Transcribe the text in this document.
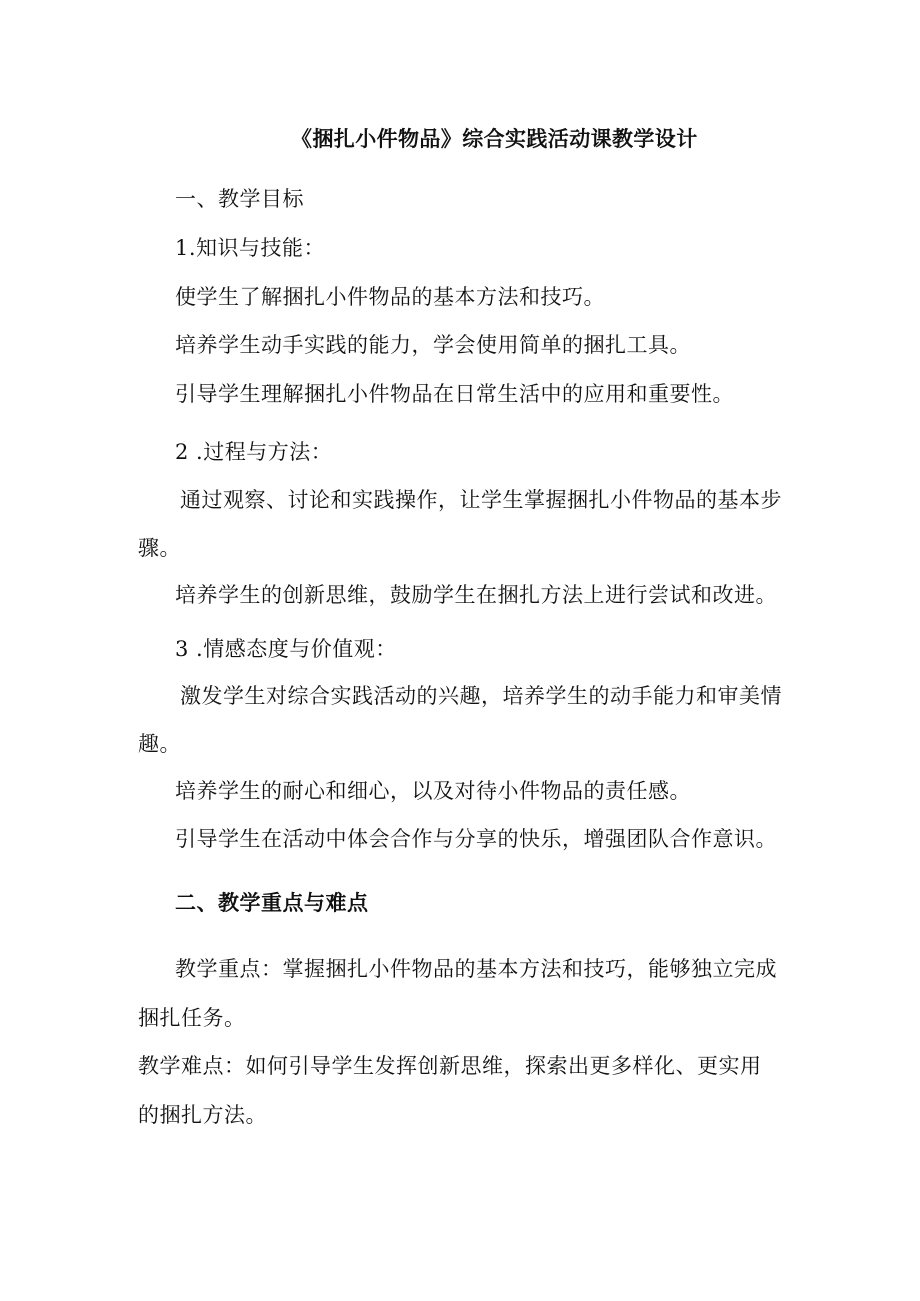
《捆扎小件物品》综合实践活动课教学设计

一、教学目标

1.知识与技能：

使学生了解捆扎小件物品的基本方法和技巧。

培养学生动手实践的能力，学会使用简单的捆扎工具。

引导学生理解捆扎小件物品在日常生活中的应用和重要性。

2 .过程与方法：

通过观察、讨论和实践操作，让学生掌握捆扎小件物品的基本步

骤。

培养学生的创新思维，鼓励学生在捆扎方法上进行尝试和改进。

3 .情感态度与价值观：

激发学生对综合实践活动的兴趣，培养学生的动手能力和审美情

趣。

培养学生的耐心和细心，以及对待小件物品的责任感。

引导学生在活动中体会合作与分享的快乐，增强团队合作意识。

二、教学重点与难点

教学重点：掌握捆扎小件物品的基本方法和技巧，能够独立完成

捆扎任务。

教学难点：如何引导学生发挥创新思维，探索出更多样化、更实用

的捆扎方法。
